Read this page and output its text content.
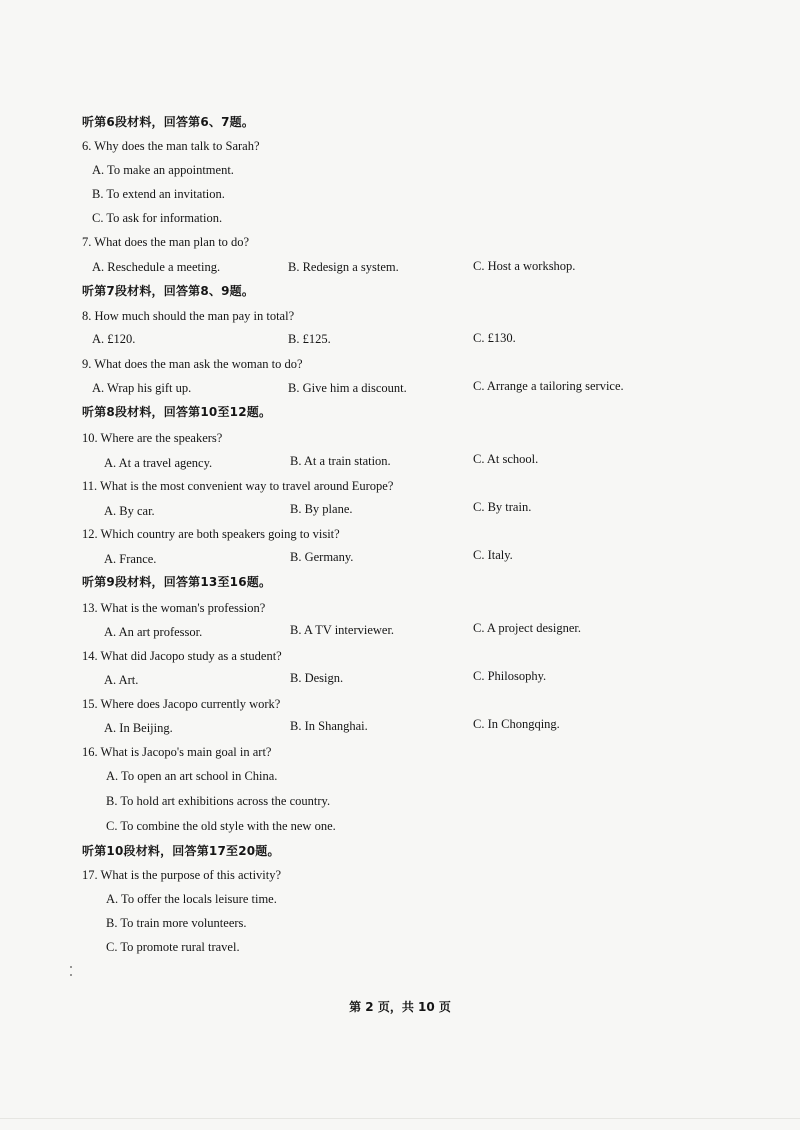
听第6段材料，回答第6、7题。
6. Why does the man talk to Sarah?
A. To make an appointment.
B. To extend an invitation.
C. To ask for information.
7. What does the man plan to do?
A. Reschedule a meeting.	B. Redesign a system.	C. Host a workshop.
听第7段材料，回答第8、9题。
8. How much should the man pay in total?
A. £120.	B. £125.	C. £130.
9. What does the man ask the woman to do?
A. Wrap his gift up.	B. Give him a discount.	C. Arrange a tailoring service.
听第8段材料，回答第10至12题。
10. Where are the speakers?
A. At a travel agency.	B. At a train station.	C. At school.
11. What is the most convenient way to travel around Europe?
A. By car.	B. By plane.	C. By train.
12. Which country are both speakers going to visit?
A. France.	B. Germany.	C. Italy.
听第9段材料，回答第13至16题。
13. What is the woman's profession?
A. An art professor.	B. A TV interviewer.	C. A project designer.
14. What did Jacopo study as a student?
A. Art.	B. Design.	C. Philosophy.
15. Where does Jacopo currently work?
A. In Beijing.	B. In Shanghai.	C. In Chongqing.
16. What is Jacopo's main goal in art?
A. To open an art school in China.
B. To hold art exhibitions across the country.
C. To combine the old style with the new one.
听第10段材料，回答第17至20题。
17. What is the purpose of this activity?
A. To offer the locals leisure time.
B. To train more volunteers.
C. To promote rural travel.
第 2 页，共 10 页
